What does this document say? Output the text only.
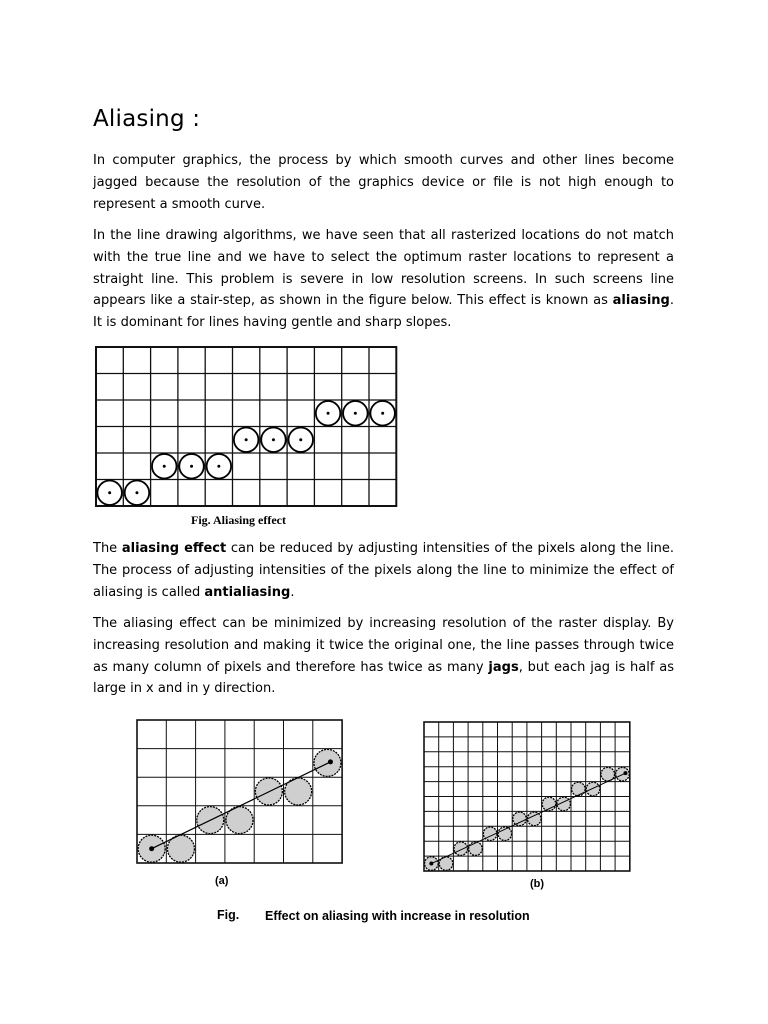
Aliasing :

In computer graphics, the process by which smooth curves and other lines become jagged because the resolution of the graphics device or file is not high enough to represent a smooth curve.

In the line drawing algorithms, we have seen that all rasterized locations do not match with the true line and we have to select the optimum raster locations to represent a straight line. This problem is severe in low resolution screens. In such screens line appears like a stair-step, as shown in the figure below. This effect is known as aliasing. It is dominant for lines having gentle and sharp slopes.

Fig. Aliasing effect

The aliasing effect can be reduced by adjusting intensities of the pixels along the line. The process of adjusting intensities of the pixels along the line to minimize the effect of aliasing is called antialiasing.

The aliasing effect can be minimized by increasing resolution of the raster display. By increasing resolution and making it twice the original one, the line passes through twice as many column of pixels and therefore has twice as many jags, but each jag is half as large in x and in y direction.

(a)	(b)
Fig. Effect on aliasing with increase in resolution
